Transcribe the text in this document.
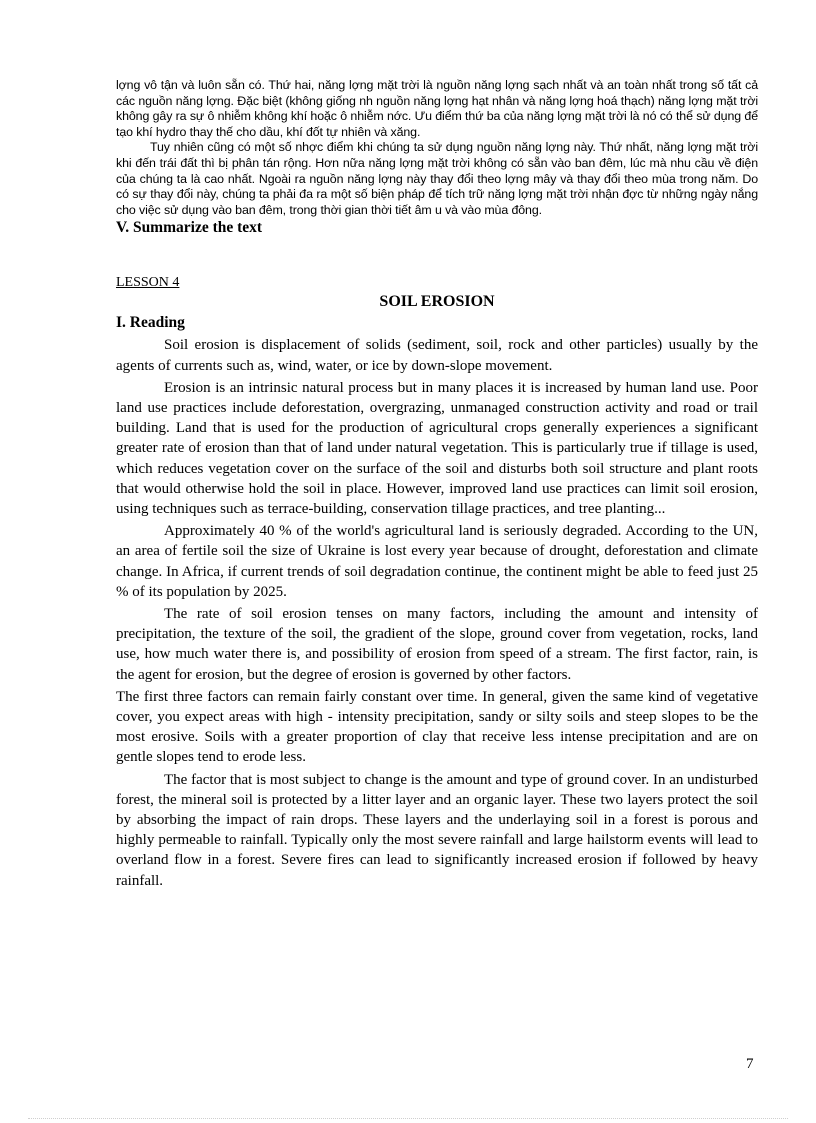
lợng vô tận và luôn sẵn có. Thứ hai, năng lợng mặt trời là nguồn năng lợng sạch nhất và an toàn nhất trong số tất cả các nguồn năng lợng. Đặc biệt (không giống nh nguồn năng lợng hạt nhân và năng lợng hoá thạch) năng lợng mặt trời không gây ra sự ô nhiễm không khí hoặc ô nhiễm nớc. Ưu điểm thứ ba của năng lợng mặt trời là nó có thể sử dụng để tạo khí hydro thay thế cho dầu, khí đốt tự nhiên và xăng.

Tuy nhiên cũng có một số nhợc điểm khi chúng ta sử dụng nguồn năng lợng này. Thứ nhất, năng lợng mặt trời khi đến trái đất thì bị phân tán rộng. Hơn nữa năng lợng mặt trời không có sẵn vào ban đêm, lúc mà nhu cầu về điện của chúng ta là cao nhất. Ngoài ra nguồn năng lợng này thay đổi theo lợng mây và thay đổi theo mùa trong năm. Do có sự thay đổi này, chúng ta phải đa ra một số biện pháp để tích trữ năng lợng mặt trời nhận đợc từ những ngày nắng cho việc sử dụng vào ban đêm, trong thời gian thời tiết âm u và vào mùa đông.

V. Summarize the text

LESSON 4

SOIL EROSION

I. Reading

Soil erosion is displacement of solids (sediment, soil, rock and other particles) usually by the agents of currents such as, wind, water, or ice by down-slope movement.

Erosion is an intrinsic natural process but in many places it is increased by human land use. Poor land use practices include deforestation, overgrazing, unmanaged construction activity and road or trail building. Land that is used for the production of agricultural crops generally experiences a significant greater rate of erosion than that of land under natural vegetation. This is particularly true if tillage is used, which reduces vegetation cover on the surface of the soil and disturbs both soil structure and plant roots that would otherwise hold the soil in place. However, improved land use practices can limit soil erosion, using techniques such as terrace-building, conservation tillage practices, and tree planting...

Approximately 40 % of the world's agricultural land is seriously degraded. According to the UN, an area of fertile soil the size of Ukraine is lost every year because of drought, deforestation and climate change. In Africa, if current trends of soil degradation continue, the continent might be able to feed just 25 % of its population by 2025.

The rate of soil erosion tenses on many factors, including the amount and intensity of precipitation, the texture of the soil, the gradient of the slope, ground cover from vegetation, rocks, land use, how much water there is, and possibility of erosion from speed of a stream. The first factor, rain, is the agent for erosion, but the degree of erosion is governed by other factors.

The first three factors can remain fairly constant over time. In general, given the same kind of vegetative cover, you expect areas with high - intensity precipitation, sandy or silty soils and steep slopes to be the most erosive. Soils with a greater proportion of clay that receive less intense precipitation and are on gentle slopes tend to erode less.

The factor that is most subject to change is the amount and type of ground cover. In an undisturbed forest, the mineral soil is protected by a litter layer and an organic layer. These two layers protect the soil by absorbing the impact of rain drops. These layers and the underlaying soil in a forest is porous and highly permeable to rainfall. Typically only the most severe rainfall and large hailstorm events will lead to overland flow in a forest. Severe fires can lead to significantly increased erosion if followed by heavy rainfall.

7
